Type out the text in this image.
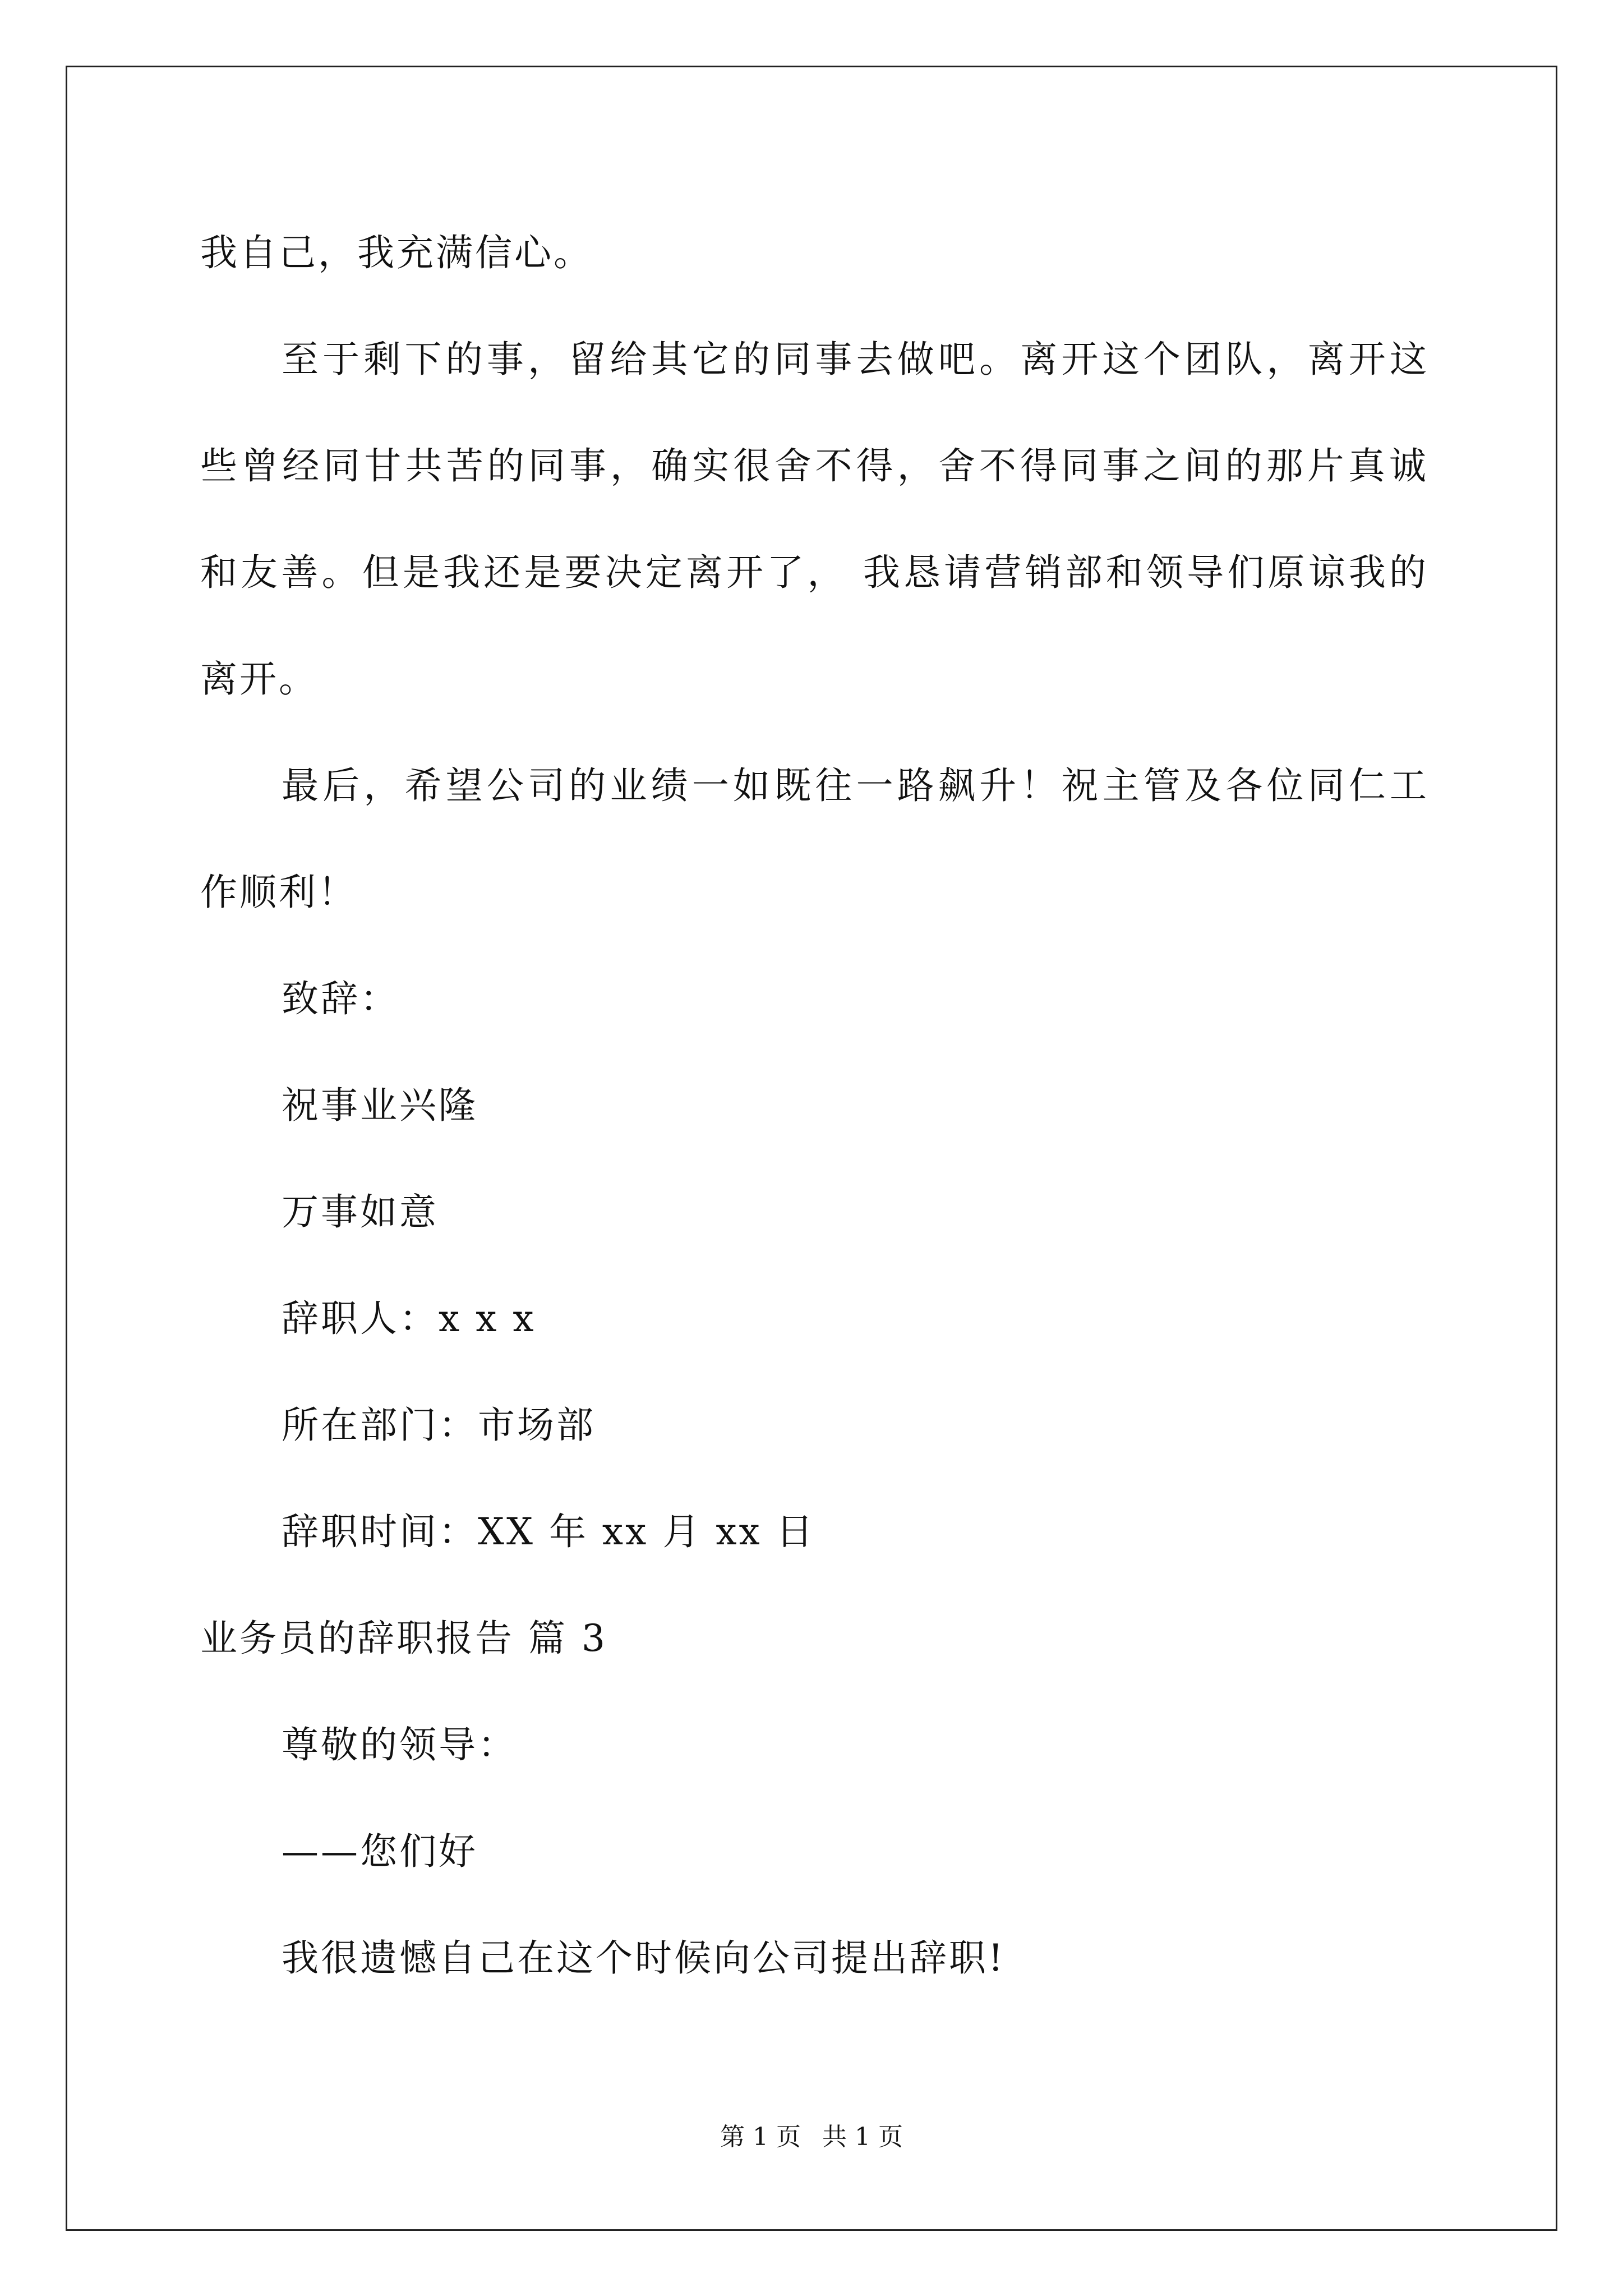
我自己，我充满信心。
至于剩下的事，留给其它的同事去做吧。离开这个团队，离开这
些曾经同甘共苦的同事，确实很舍不得，舍不得同事之间的那片真诚
和友善。但是我还是要决定离开了， 我恳请营销部和领导们原谅我的
离开。
最后，希望公司的业绩一如既往一路飙升！祝主管及各位同仁工
作顺利！
致辞：
祝事业兴隆
万事如意
辞职人：x x x
所在部门：市场部
辞职时间：XX 年 xx 月 xx 日
业务员的辞职报告 篇 3
尊敬的领导：
——您们好
我很遗憾自己在这个时候向公司提出辞职!
第 1 页 共 1 页
